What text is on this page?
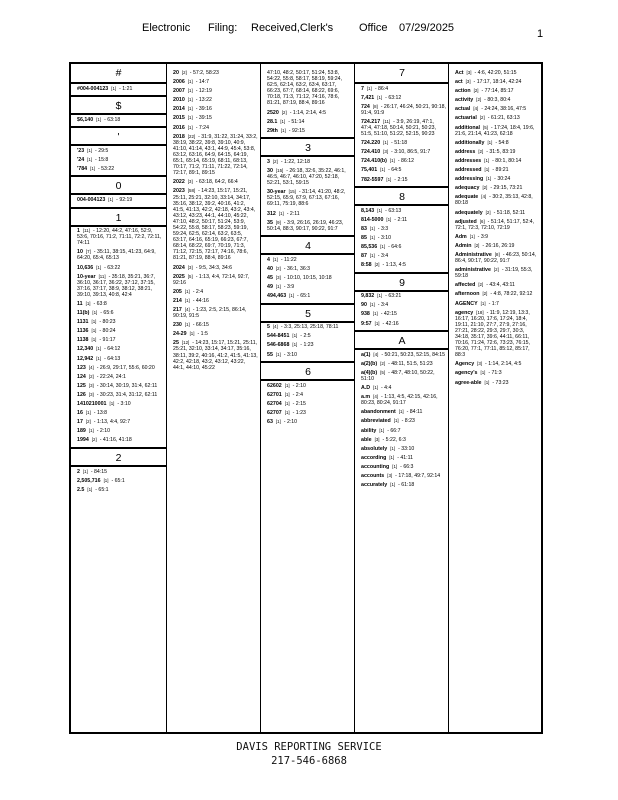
Electronic Filing: Received,Clerk's Office 07/29/2025	1
#
#004-004123 [1] - 1:21
$
$6,140 [1] - 63:18
'
'23 [1] - 29:5
'24 [1] - 15:8
'784 [1] - 53:22
0
004-004123 [1] - 92:19
1
1 [11] - 12:20, 44:2, 47:16, 52:9, 53:6, 70:16, 71:2, 71:11, 72:2, 72:11, 74:11
10 [7] - 35:11, 38:15, 41:23, 64:9, 64:20, 65:4, 65:13
10,636 [1] - 63:22
10-year [11] - 35:18, 35:21, 36:7, 36:10, 36:17, 36:22, 37:12, 37:15, 37:16, 37:17, 38:9, 38:12, 38:21, 39:10, 39:13, 40:8, 42:4
11 [1] - 63:8
11(b) [1] - 65:6
1131 [1] - 80:23
1136 [1] - 80:24
1138 [1] - 91:17
12,340 [1] - 64:12
12,942 [1] - 64:13
123 [4] - 26:9, 29:17, 55:6, 60:20
124 [2] - 22:24, 24:1
125 [3] - 30:14, 30:19, 31:4, 62:11
126 [3] - 30:23, 31:4, 31:12, 62:11
1410210001 [1] - 3:10
16 [1] - 13:8
17 [2] - 1:13, 4:4, 92:7
189 [1] - 2:10
1994 [2] - 41:16, 41:18
2
2 [1] - 84:15
2,505,716 [1] - 65:1
2.5 [1] - 65:1
20 [2] - 57:2, 58:23
2006 [1] - 14:7
2007 [1] - 12:19
2010 [1] - 13:22
2014 [1] - 39:16
2015 [1] - 39:15
2016 [1] - 7:24
2018 [22] - 31:9, 31:22, 31:24, 33:2, 38:19, 38:22, 39:8, 39:10, 40:9, 41:10, 41:14, 43:1, 44:9, 45:4, 53:8, 63:12, 63:16, 64:9, 64:15, 64:19, 65:1, 65:14, 65:19, 68:11, 68:13, 70:17, 71:2, 71:11, 71:22, 72:14, 72:17, 89:1, 89:15
2022 [3] - 63:18, 64:2, 66:4
2023 [58] - 14:23, 15:17, 15:21, 25:11, 25:21, 32:10, 33:14, 34:17, 35:16, 38:12, 39:2, 40:16, 41:2, 41:5, 41:13, 42:2, 42:18, 43:2, 43:4, 43:12, 43:23, 44:1, 44:10, 45:22, 47:10, 48:2, 50:17, 51:24, 53:9, 54:22, 55:8, 58:17, 58:23, 59:19, 59:24, 62:5, 62:14, 63:2, 63:5, 63:17, 64:16, 65:19, 66:23, 67:7, 68:14, 68:22, 69:7, 70:19, 71:3, 71:12, 72:15, 72:17, 74:16, 78:6, 81:21, 87:19, 88:4, 89:16
2024 [3] - 9:5, 34:3, 34:6
2025 [5] - 1:13, 4:4, 72:14, 92:7, 92:16
205 [1] - 2:4
214 [1] - 44:16
217 [4] - 1:23, 2:5, 2:15, 86:14, 90:19, 91:5
230 [1] - 66:15
24-29 [1] - 1:5
25 [12] - 14:23, 15:17, 15:21, 25:11, 25:21, 32:10, 33:14, 34:17, 35:16, 38:11, 39:2, 40:16, 41:2, 41:5, 41:13, 42:2, 42:18, 43:2, 43:12, 43:22, 44:1, 44:10, 45:22
47:10, 48:2, 50:17, 51:24, 53:8, 54:22, 55:8, 58:17, 58:19, 59:24, 62:5, 62:14, 63:2, 63:4, 63:17, 66:23, 67:7, 68:14, 68:22, 69:6, 70:18, 71:3, 71:12, 74:16, 78:6, 81:21, 87:19, 88:4, 89:16
2520 [2] - 1:14, 2:14, 4:5
28.1 [1] - 51:14
29th [1] - 92:15
3
3 [2] - 1:22, 12:18
30 [15] - 26:18, 32:6, 35:22, 46:1, 46:5, 46:7, 46:10, 47:20, 52:18, 52:21, 53:1, 59:15
30-year [15] - 31:14, 41:20, 48:2, 52:15, 65:9, 67:9, 67:13, 67:16, 69:11, 75:19, 88:6
312 [1] - 2:11
35 [9] - 3:9, 26:16, 26:19, 46:23, 50:14, 88:3, 90:17, 90:22, 91:7
4
4 [1] - 11:22
40 [2] - 36:1, 36:3
45 [3] - 10:10, 10:15, 10:18
49 [1] - 3:9
494,463 [1] - 65:1
5
5 [4] - 3:3, 25:13, 25:18, 78:11
544-8451 [1] - 2:5
546-6868 [1] - 1:23
55 [1] - 3:10
6
62602 [1] - 2:10
62701 [1] - 2:4
62704 [1] - 2:15
62707 [1] - 1:23
63 [1] - 2:10
7
7 [1] - 86:4
7,421 [1] - 63:12
724 [8] - 26:17, 46:24, 50:21, 90:18, 91:4, 91:9
724.217 [11] - 3:9, 26:19, 47:1, 47:4, 47:18, 50:14, 50:21, 50:23, 51:5, 51:10, 51:22, 52:15, 90:23
724.220 [1] - 51:18
724.410 [3] - 3:10, 86:5, 91:7
724.410(b) [1] - 86:12
75,401 [1] - 64:5
782-5597 [1] - 2:15
8
8,143 [1] - 63:13
814-5000 [1] - 2:11
83 [1] - 3:3
85 [1] - 3:10
85,536 [1] - 64:6
87 [1] - 3:4
8:58 [2] - 1:13, 4:5
9
9,832 [1] - 63:21
90 [1] - 3:4
938 [1] - 42:15
9:57 [1] - 42:16
A
a(1) [4] - 50:21, 50:23, 52:15, 84:15
a(2)(b) [2] - 48:11, 51:5, 51:23
a(4)(b) [5] - 48:7, 48:10, 50:22, 51:10
A.D [1] - 4:4
a.m [4] - 1:13, 4:5, 42:15, 42:16, 80:23, 80:24, 91:17
abandonment [1] - 84:11
abbreviated [1] - 8:23
ability [1] - 66:7
able [3] - 5:22, 6:3
absolutely [1] - 33:10
according [1] - 41:11
accounting [1] - 66:3
accounts [3] - 17:18, 49:7, 92:14
accurately [1] - 61:18
Act [3] - 4:6, 42:20, 51:15
act [3] - 17:17, 18:14, 42:24
action [2] - 77:14, 85:17
activity [2] - 80:3, 80:4
actual [4] - 24:24, 38:16, 47:5
actuarial [2] - 61:21, 63:13
additional [5] - 17:24, 18:4, 19:6, 21:6, 21:14, 41:23, 62:18
additionally [1] - 54:8
address [2] - 31:5, 83:19
addresses [1] - 80:1, 80:14
addressed [1] - 89:21
addressing [1] - 30:24
adequacy [2] - 29:15, 73:21
adequate [4] - 30:2, 35:13, 42:8, 80:18
adequately [2] - 51:18, 52:11
adjusted [6] - 51:14, 51:17, 52:4, 72:1, 72:3, 72:10, 72:19
Adm [1] - 3:9
Admin [2] - 26:16, 26:19
Administrative [8] - 46:23, 50:14, 86:4, 90:17, 90:22, 91:7
administrative [2] - 31:19, 55:3, 59:18
affected [2] - 43:4, 43:11
afternoon [2] - 4:8, 78:22, 92:12
AGENCY [1] - 1:7
agency [18] - 11:9, 12:19, 13:3, 16:17, 16:20, 17:6, 17:24, 18:4, 19:11, 21:10, 27:7, 27:9, 27:16, 27:21, 28:22, 29:3, 29:7, 30:3, 34:18, 35:17, 39:6, 44:11, 66:11, 70:16, 71:24, 72:6, 73:23, 76:15, 76:20, 77:1, 77:11, 85:12, 85:17, 88:3
Agency [3] - 1:14, 2:14, 4:5
agency's [1] - 71:3
agree-able [1] - 73:23
DAVIS REPORTING SERVICE
217-546-6868
